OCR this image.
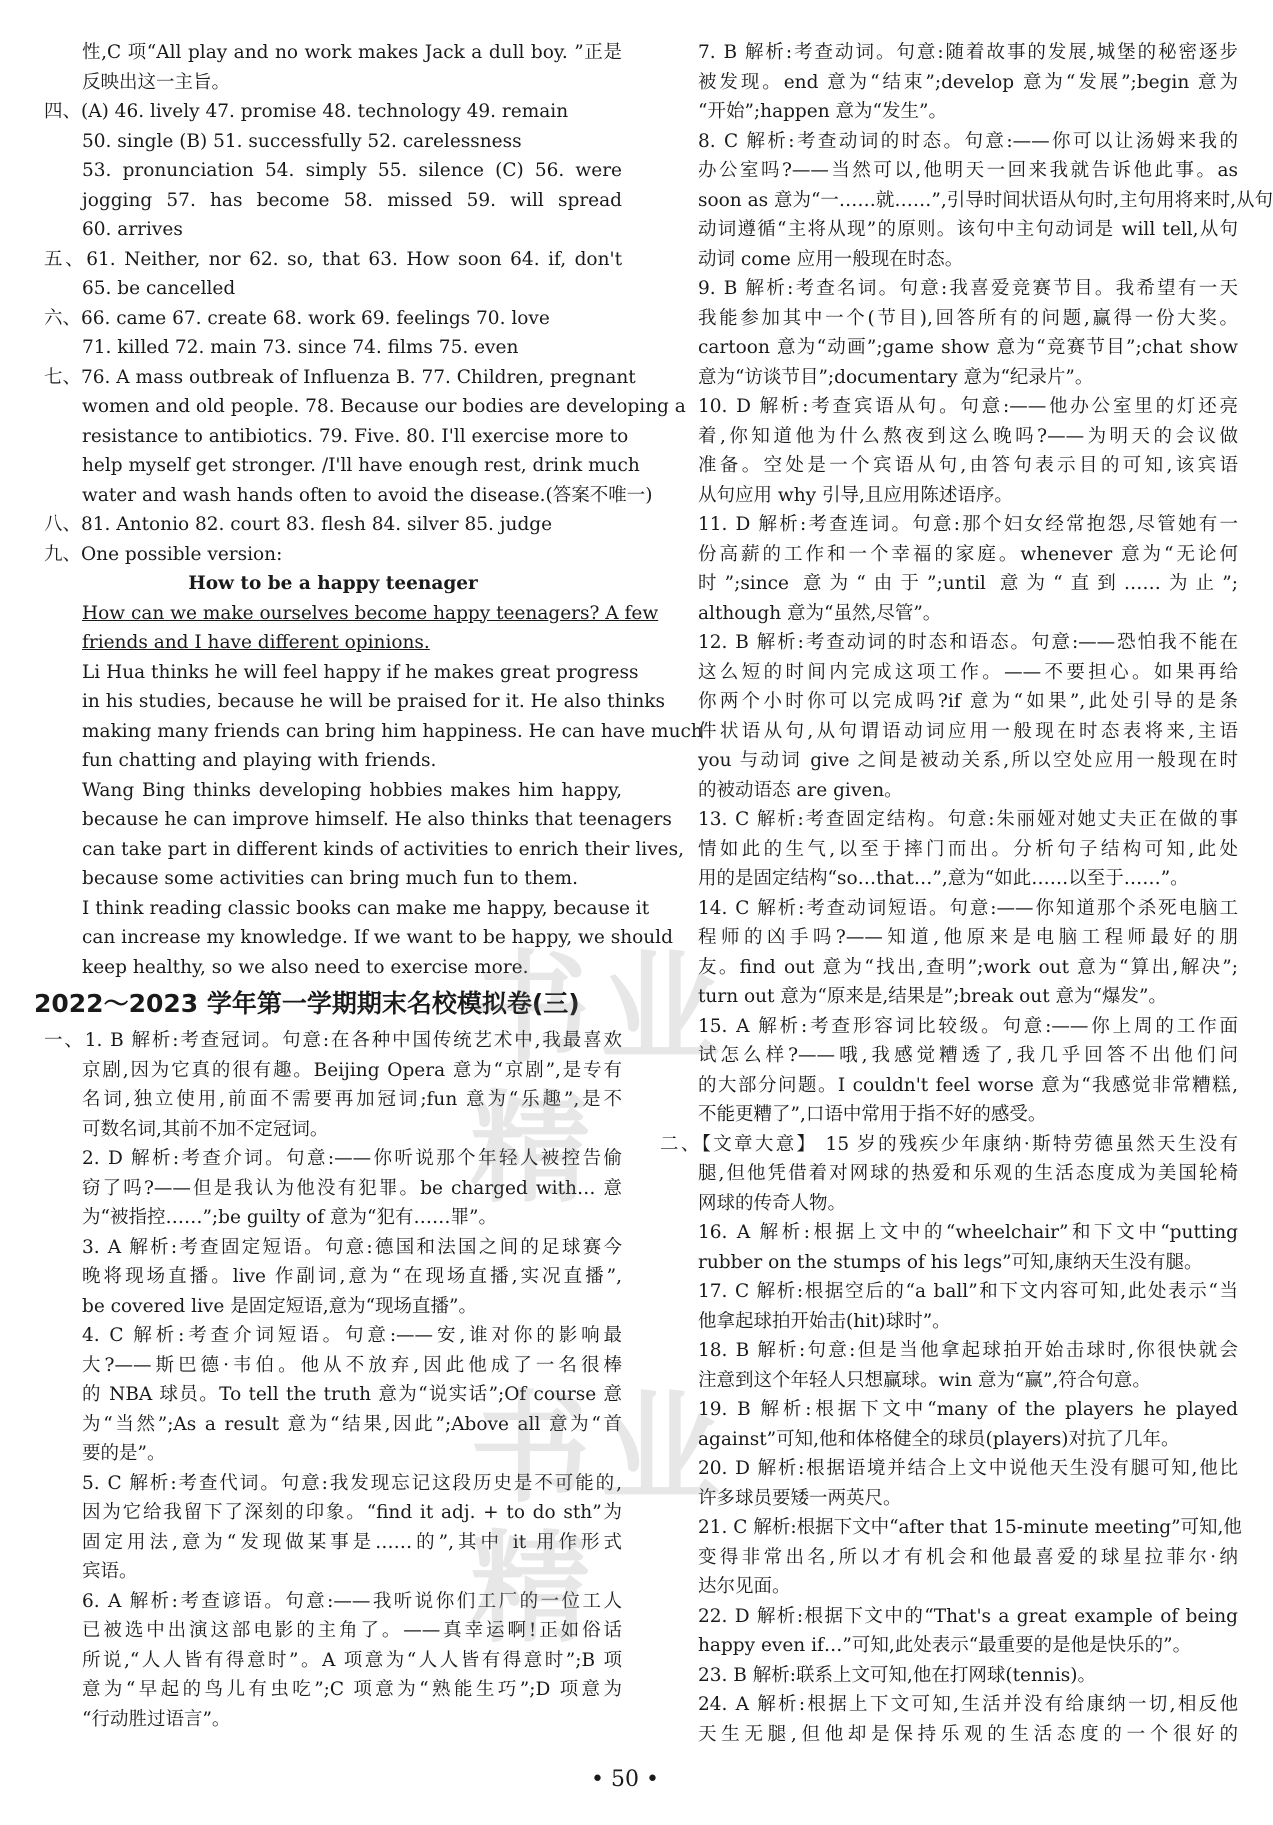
性,C 项“All play and no work makes Jack a dull boy. ”正是
反映出这一主旨。
四、(A) 46. lively 47. promise 48. technology 49. remain
50. single (B) 51. successfully 52. carelessness
53. pronunciation 54. simply 55. silence (C) 56. were
jogging 57. has become 58. missed 59. will spread
60. arrives
五、61. Neither, nor 62. so, that 63. How soon 64. if, don't
65. be cancelled
六、66. came 67. create 68. work 69. feelings 70. love
71. killed 72. main 73. since 74. films 75. even
七、76. A mass outbreak of Influenza B. 77. Children, pregnant
women and old people. 78. Because our bodies are developing a
resistance to antibiotics. 79. Five. 80. I'll exercise more to
help myself get stronger. /I'll have enough rest, drink much
water and wash hands often to avoid the disease.(答案不唯一)
八、81. Antonio 82. court 83. flesh 84. silver 85. judge
九、One possible version:
How to be a happy teenager
How can we make ourselves become happy teenagers? A few
friends and I have different opinions.
Li Hua thinks he will feel happy if he makes great progress
in his studies, because he will be praised for it. He also thinks
making many friends can bring him happiness. He can have much
fun chatting and playing with friends.
Wang Bing thinks developing hobbies makes him happy,
because he can improve himself. He also thinks that teenagers
can take part in different kinds of activities to enrich their lives,
because some activities can bring much fun to them.
I think reading classic books can make me happy, because it
can increase my knowledge. If we want to be happy, we should
keep healthy, so we also need to exercise more.
2022～2023 学年第一学期期末名校模拟卷(三)
一、1. B 解析:考查冠词。句意:在各种中国传统艺术中,我最喜欢
京剧,因为它真的很有趣。Beijing Opera 意为“京剧”,是专有
名词,独立使用,前面不需要再加冠词;fun 意为“乐趣”,是不
可数名词,其前不加不定冠词。
2. D 解析:考查介词。句意:——你听说那个年轻人被控告偷
窃了吗?——但是我认为他没有犯罪。be charged with… 意
为“被指控……”;be guilty of 意为“犯有……罪”。
3. A 解析:考查固定短语。句意:德国和法国之间的足球赛今
晚将现场直播。live 作副词,意为“在现场直播,实况直播”,
be covered live 是固定短语,意为“现场直播”。
4. C 解析:考查介词短语。句意:——安,谁对你的影响最
大?——斯巴德·韦伯。他从不放弃,因此他成了一名很棒
的 NBA 球员。To tell the truth 意为“说实话”;Of course 意
为“当然”;As a result 意为“结果,因此”;Above all 意为“首
要的是”。
5. C 解析:考查代词。句意:我发现忘记这段历史是不可能的,
因为它给我留下了深刻的印象。“find it adj. + to do sth”为
固定用法,意为“发现做某事是……的”,其中 it 用作形式
宾语。
6. A 解析:考查谚语。句意:——我听说你们工厂的一位工人
已被选中出演这部电影的主角了。——真幸运啊!正如俗话
所说,“人人皆有得意时”。A 项意为“人人皆有得意时”;B 项
意为“早起的鸟儿有虫吃”;C 项意为“熟能生巧”;D 项意为
“行动胜过语言”。
7. B 解析:考查动词。句意:随着故事的发展,城堡的秘密逐步
被发现。end 意为“结束”;develop 意为“发展”;begin 意为
“开始”;happen 意为“发生”。
8. C 解析:考查动词的时态。句意:——你可以让汤姆来我的
办公室吗?——当然可以,他明天一回来我就告诉他此事。as
soon as 意为“一……就……”,引导时间状语从句时,主句用将来时,从句
动词遵循“主将从现”的原则。该句中主句动词是 will tell,从句
动词 come 应用一般现在时态。
9. B 解析:考查名词。句意:我喜爱竞赛节目。我希望有一天
我能参加其中一个(节目),回答所有的问题,赢得一份大奖。
cartoon 意为“动画”;game show 意为“竞赛节目”;chat show
意为“访谈节目”;documentary 意为“纪录片”。
10. D 解析:考查宾语从句。句意:——他办公室里的灯还亮
着,你知道他为什么熬夜到这么晚吗?——为明天的会议做
准备。空处是一个宾语从句,由答句表示目的可知,该宾语
从句应用 why 引导,且应用陈述语序。
11. D 解析:考查连词。句意:那个妇女经常抱怨,尽管她有一
份高薪的工作和一个幸福的家庭。whenever 意为“无论何
时”;since 意为“由于”;until 意为“直到……为止”;
although 意为“虽然,尽管”。
12. B 解析:考查动词的时态和语态。句意:——恐怕我不能在
这么短的时间内完成这项工作。——不要担心。如果再给
你两个小时你可以完成吗?if 意为“如果”,此处引导的是条
件状语从句,从句谓语动词应用一般现在时态表将来,主语
you 与动词 give 之间是被动关系,所以空处应用一般现在时
的被动语态 are given。
13. C 解析:考查固定结构。句意:朱丽娅对她丈夫正在做的事
情如此的生气,以至于摔门而出。分析句子结构可知,此处
用的是固定结构“so…that…”,意为“如此……以至于……”。
14. C 解析:考查动词短语。句意:——你知道那个杀死电脑工
程师的凶手吗?——知道,他原来是电脑工程师最好的朋
友。find out 意为“找出,查明”;work out 意为“算出,解决”;
turn out 意为“原来是,结果是”;break out 意为“爆发”。
15. A 解析:考查形容词比较级。句意:——你上周的工作面
试怎么样?——哦,我感觉糟透了,我几乎回答不出他们问
的大部分问题。I couldn't feel worse 意为“我感觉非常糟糕,
不能更糟了”,口语中常用于指不好的感受。
二、【文章大意】 15 岁的残疾少年康纳·斯特劳德虽然天生没有
腿,但他凭借着对网球的热爱和乐观的生活态度成为美国轮椅
网球的传奇人物。
16. A 解析:根据上文中的“wheelchair”和下文中“putting
rubber on the stumps of his legs”可知,康纳天生没有腿。
17. C 解析:根据空后的“a ball”和下文内容可知,此处表示“当
他拿起球拍开始击(hit)球时”。
18. B 解析:句意:但是当他拿起球拍开始击球时,你很快就会
注意到这个年轻人只想赢球。win 意为“赢”,符合句意。
19. B 解析:根据下文中“many of the players he played
against”可知,他和体格健全的球员(players)对抗了几年。
20. D 解析:根据语境并结合上文中说他天生没有腿可知,他比
许多球员要矮一两英尺。
21. C 解析:根据下文中“after that 15-minute meeting”可知,他
变得非常出名,所以才有机会和他最喜爱的球星拉菲尔·纳
达尔见面。
22. D 解析:根据下文中的“That's a great example of being
happy even if…”可知,此处表示“最重要的是他是快乐的”。
23. B 解析:联系上文可知,他在打网球(tennis)。
24. A 解析:根据上下文可知,生活并没有给康纳一切,相反他
天生无腿,但他却是保持乐观的生活态度的一个很好的
书业精
书业精
• 50 •
